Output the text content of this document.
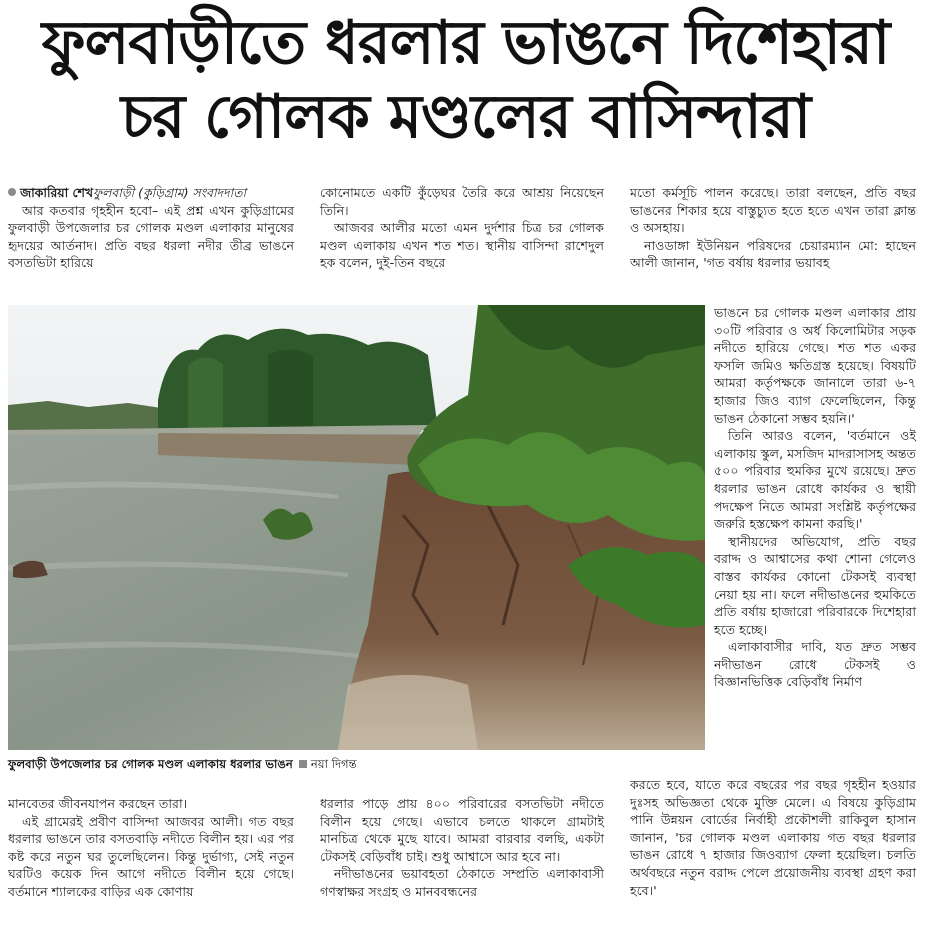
ফুলবাড়ীতে ধরলার ভাঙনে দিশেহারা
চর গোলক মণ্ডলের বাসিন্দারা
জাকারিয়া শেখফুলবাড়ী (কুড়িগ্রাম) সংবাদদাতা

আর কতবার গৃহহীন হবো– এই প্রশ্ন এখন কুড়িগ্রামের ফুলবাড়ী উপজেলার চর গোলক মণ্ডল এলাকার মানুষের হৃদয়ের আর্তনাদ। প্রতি বছর ধরলা নদীর তীব্র ভাঙনে বসতভিটা হারিয়ে

কোনোমতে একটি কুঁড়েঘর তৈরি করে আশ্রয় নিয়েছেন তিনি।

আজবর আলীর মতো এমন দুর্দশার চিত্র চর গোলক মণ্ডল এলাকায় এখন শত শত। স্থানীয় বাসিন্দা রাশেদুল হক বলেন, দুই-তিন বছরে

মতো কর্মসূচি পালন করেছে। তারা বলছেন, প্রতি বছর ভাঙনের শিকার হয়ে বাস্তুচ্যুত হতে হতে এখন তারা ক্লান্ত ও অসহায়।

নাওডাঙ্গা ইউনিয়ন পরিষদের চেয়ারম্যান মো: হাছেন আলী জানান, 'গত বর্ষায় ধরলার ভয়াবহ

ভাঙনে চর গোলক মণ্ডল এলাকার প্রায় ৩০টি পরিবার ও অর্ধ কিলোমিটার সড়ক নদীতে হারিয়ে গেছে। শত শত একর ফসলি জমিও ক্ষতিগ্রস্ত হয়েছে। বিষয়টি আমরা কর্তৃপক্ষকে জানালে তারা ৬-৭ হাজার জিও ব্যাগ ফেলেছিলেন, কিন্তু ভাঙন ঠেকানো সম্ভব হয়নি।'

তিনি আরও বলেন, 'বর্তমানে ওই এলাকায় স্কুল, মসজিদ মাদরাসাসহ অন্তত ৫০০ পরিবার হুমকির মুখে রয়েছে। দ্রুত ধরলার ভাঙন রোধে কার্যকর ও স্থায়ী পদক্ষেপ নিতে আমরা সংশ্লিষ্ট কর্তৃপক্ষের জরুরি হস্তক্ষেপ কামনা করছি।'

স্থানীয়দের অভিযোগ, প্রতি বছর বরাদ্দ ও আশ্বাসের কথা শোনা গেলেও বাস্তব কার্যকর কোনো টেকসই ব্যবস্থা নেয়া হয় না। ফলে নদীভাঙনের হুমকিতে প্রতি বর্ষায় হাজারো পরিবারকে দিশেহারা হতে হচ্ছে।

এলাকাবাসীর দাবি, যত দ্রুত সম্ভব নদীভাঙন রোধে টেকসই ও বিজ্ঞানভিত্তিক বেড়িবাঁধ নির্মাণ

ফুলবাড়ী উপজেলার চর গোলক মণ্ডল এলাকায় ধরলার ভাঙন নয়া দিগন্ত

মানবেতর জীবনযাপন করছেন তারা।

এই গ্রামেরই প্রবীণ বাসিন্দা আজবর আলী। গত বছর ধরলার ভাঙনে তার বসতবাড়ি নদীতে বিলীন হয়। এর পর কষ্ট করে নতুন ঘর তুলেছিলেন। কিন্তু দুর্ভাগ্য, সেই নতুন ঘরটিও কয়েক দিন আগে নদীতে বিলীন হয়ে গেছে। বর্তমানে শ্যালকের বাড়ির এক কোণায়

ধরলার পাড়ে প্রায় ৪০০ পরিবারের বসতভিটা নদীতে বিলীন হয়ে গেছে। এভাবে চলতে থাকলে গ্রামটাই মানচিত্র থেকে মুছে যাবে। আমরা বারবার বলছি, একটা টেকসই বেড়িবাঁধ চাই। শুধু আশ্বাসে আর হবে না।

নদীভাঙনের ভয়াবহতা ঠেকাতে সম্প্রতি এলাকাবাসী গণস্বাক্ষর সংগ্রহ ও মানববন্ধনের

করতে হবে, যাতে করে বছরের পর বছর গৃহহীন হওয়ার দুঃসহ অভিজ্ঞতা থেকে মুক্তি মেলে। এ বিষয়ে কুড়িগ্রাম পানি উন্নয়ন বোর্ডের নির্বাহী প্রকৌশলী রাকিবুল হাসান জানান, 'চর গোলক মণ্ডল এলাকায় গত বছর ধরলার ভাঙন রোধে ৭ হাজার জিওব্যাগ ফেলা হয়েছিল। চলতি অর্থবছরে নতুন বরাদ্দ পেলে প্রয়োজনীয় ব্যবস্থা গ্রহণ করা হবে।'
